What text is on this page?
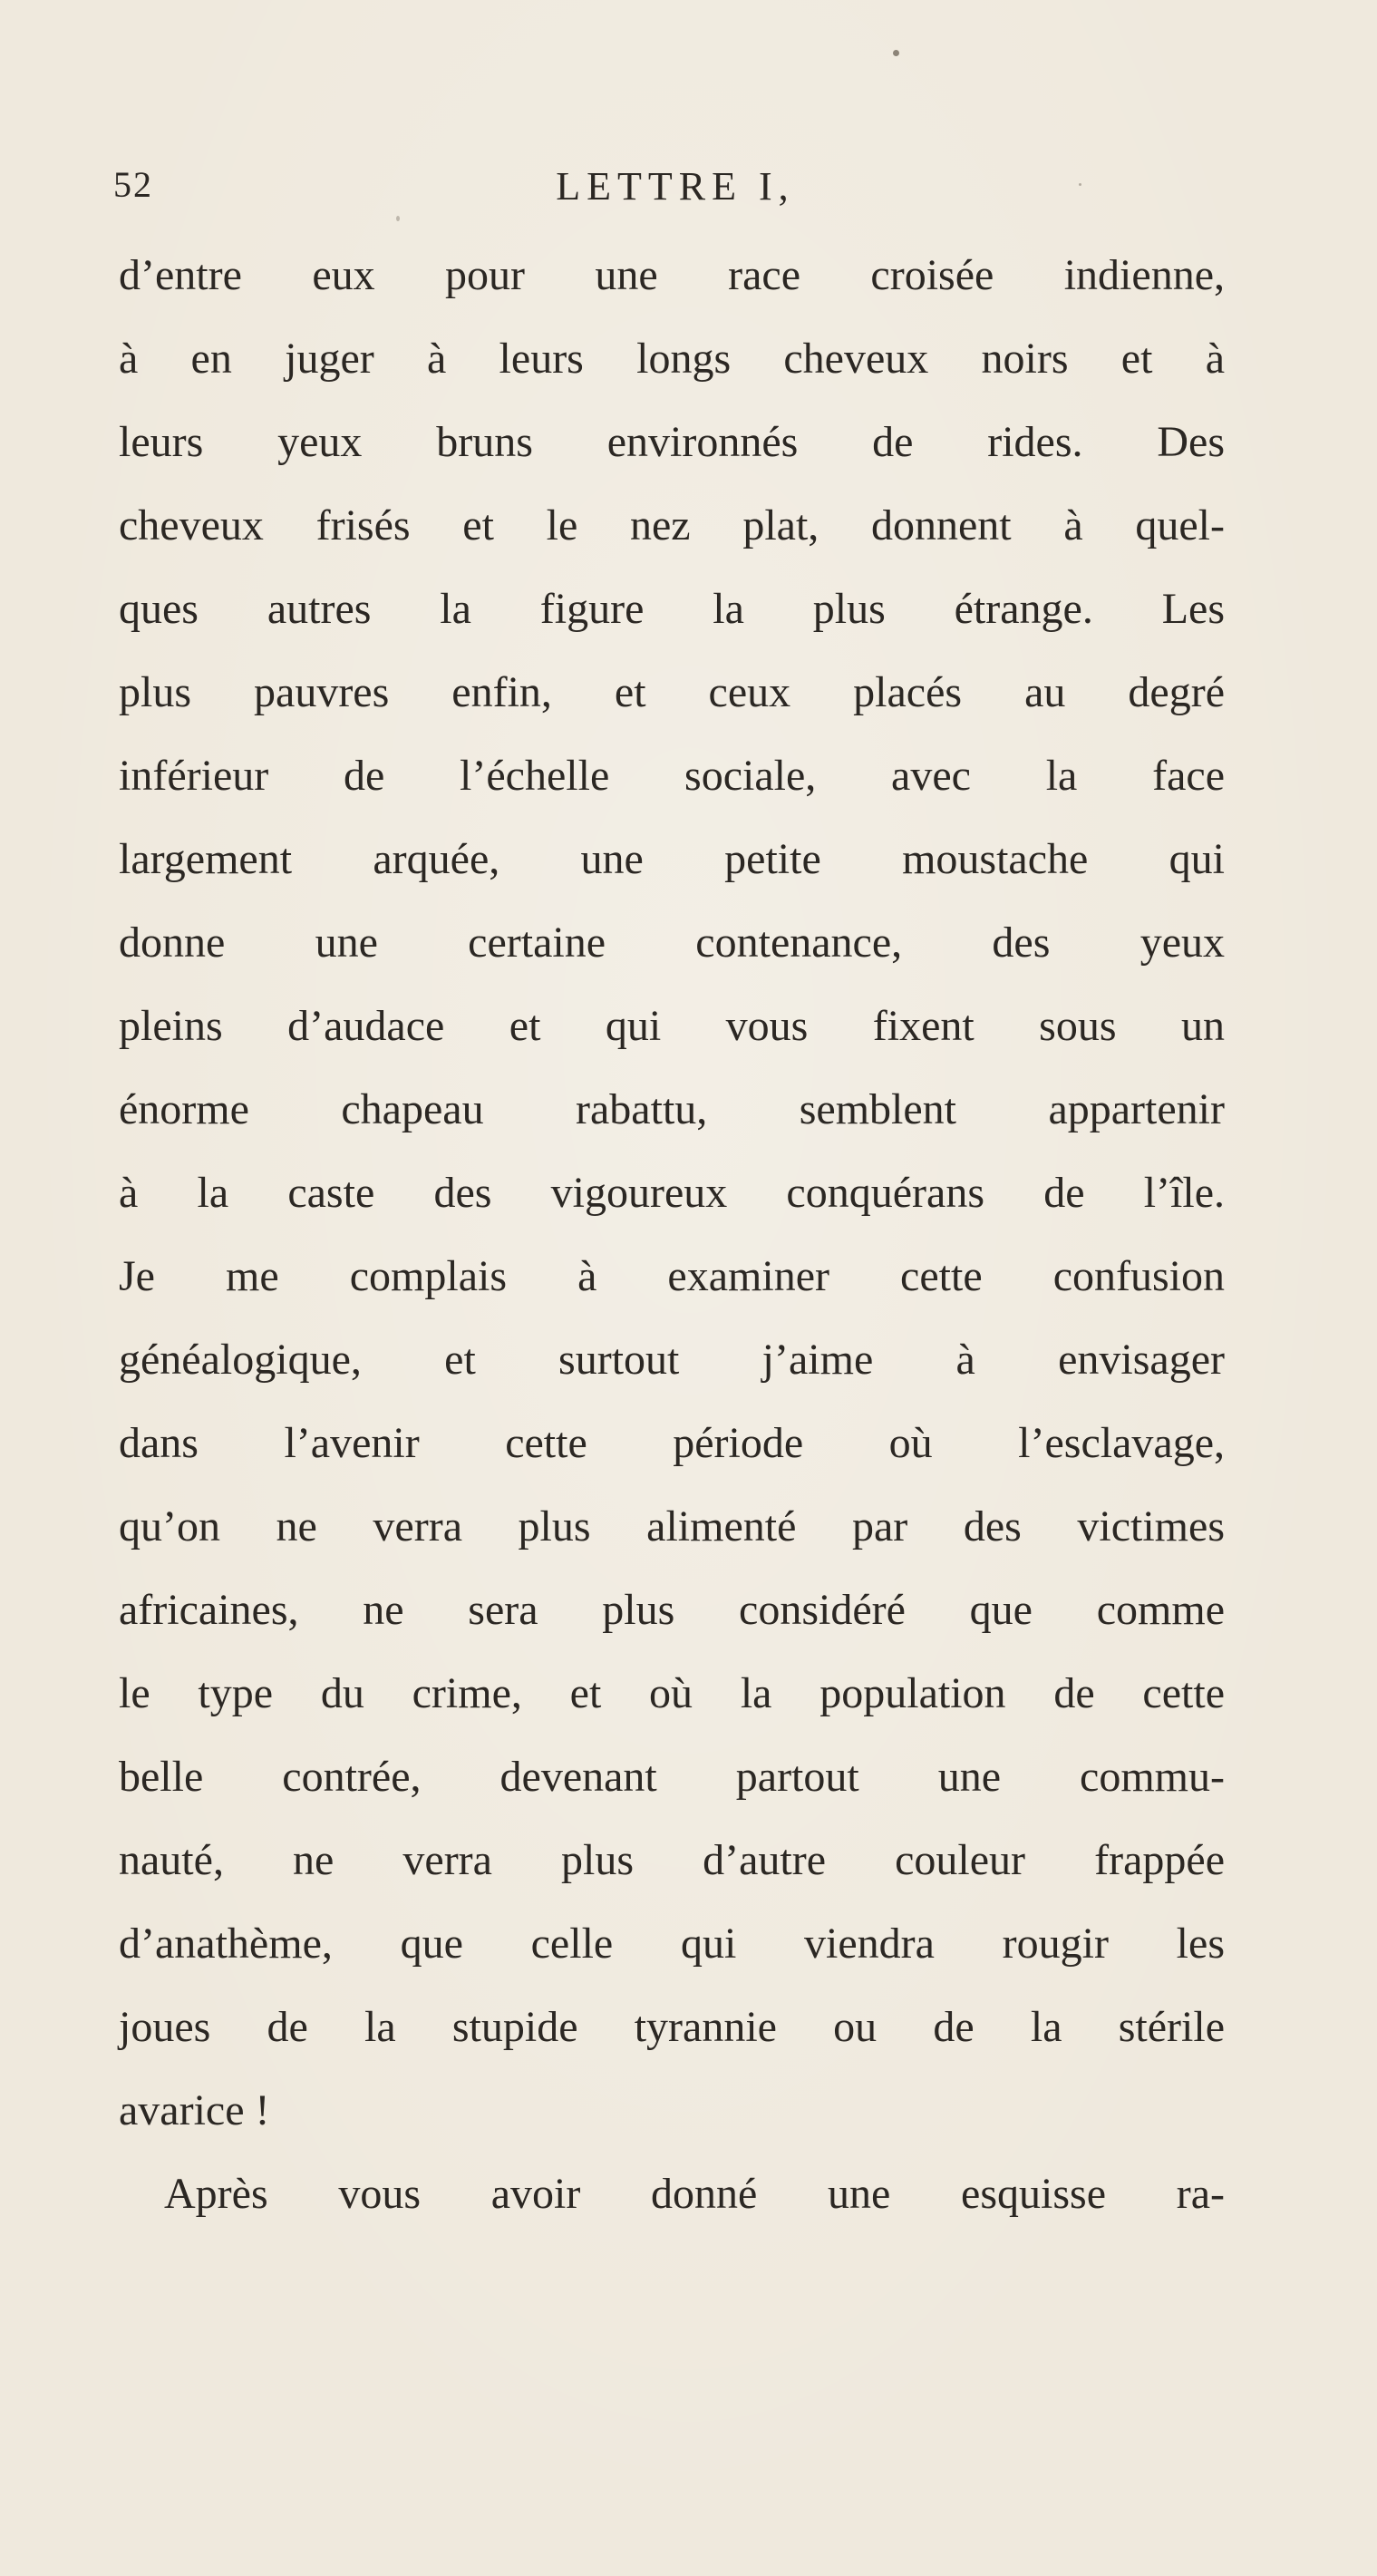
52	LETTRE I,
d’entre eux pour une race croisée indienne,
à en juger à leurs longs cheveux noirs et à
leurs yeux bruns environnés de rides. Des
cheveux frisés et le nez plat, donnent à quel-
ques autres la figure la plus étrange. Les
plus pauvres enfin, et ceux placés au degré
inférieur de l’échelle sociale, avec la face
largement arquée, une petite moustache qui
donne une certaine contenance, des yeux
pleins d’audace et qui vous fixent sous un
énorme chapeau rabattu, semblent appartenir
à la caste des vigoureux conquérans de l’île.
Je me complais à examiner cette confusion
généalogique, et surtout j’aime à envisager
dans l’avenir cette période où l’esclavage,
qu’on ne verra plus alimenté par des victimes
africaines, ne sera plus considéré que comme
le type du crime, et où la population de cette
belle contrée, devenant partout une commu-
nauté, ne verra plus d’autre couleur frappée
d’anathème, que celle qui viendra rougir les
joues de la stupide tyrannie ou de la stérile
avarice !
Après vous avoir donné une esquisse ra-
